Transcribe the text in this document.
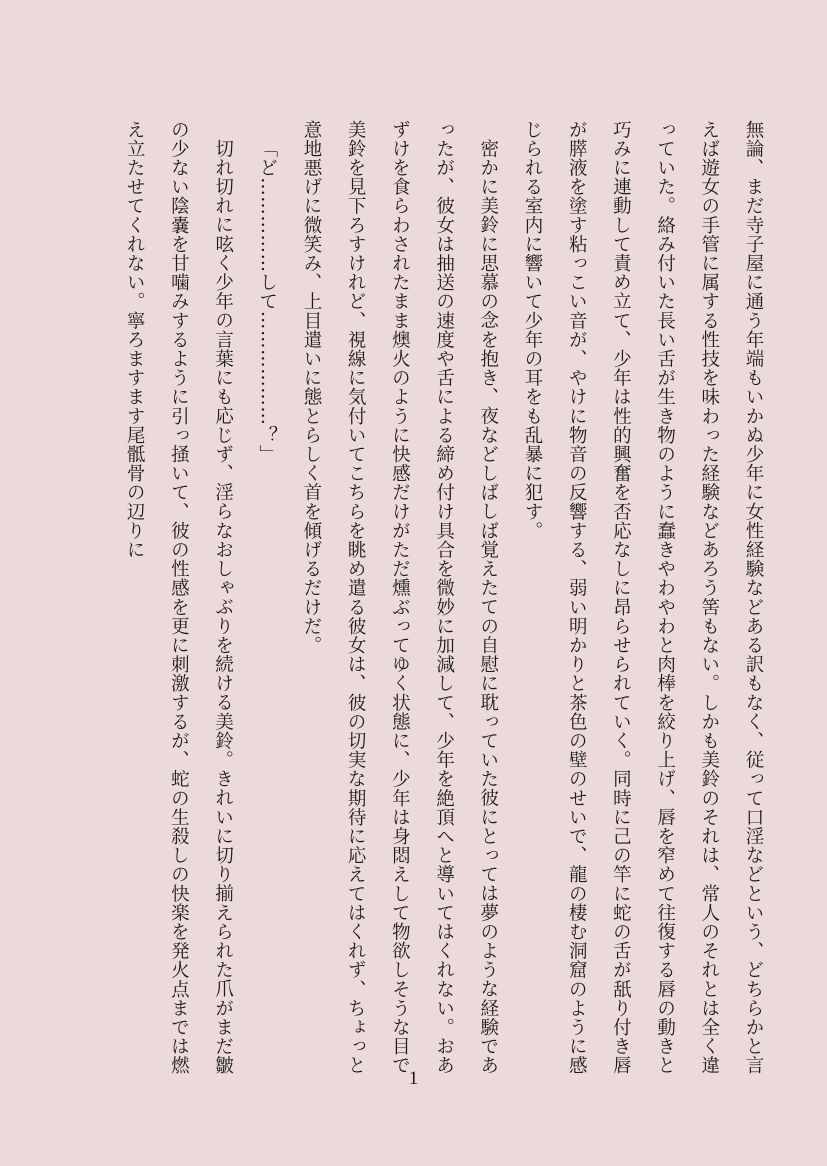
無論、まだ寺子屋に通う年端もいかぬ少年に女性経験などある訳もなく、従って口淫などという、どちらかと言えば遊女の手管に属する性技を味わった経験などあろう筈もない。しかも美鈴のそれは、常人のそれとは全く違っていた。絡み付いた長い舌が生き物のように蠢きやわやわと肉棒を絞り上げ、唇を窄めて往復する唇の動きと巧みに連動して責め立て、少年は性的興奮を否応なしに昂らせられていく。同時に己の竿に蛇の舌が舐り付き唇が膵液を塗す粘っこい音が、やけに物音の反響する、弱い明かりと茶色の壁のせいで、龍の棲む洞窟のように感じられる室内に響いて少年の耳をも乱暴に犯す。

密かに美鈴に思慕の念を抱き、夜などしばしば覚えたての自慰に耽っていた彼にとっては夢のような経験であったが、彼女は抽送の速度や舌による締め付け具合を微妙に加減して、少年を絶頂へと導いてはくれない。おあずけを食らわされたまま燠火のように快感だけがただ燻ぶってゆく状態に、少年は身悶えして物欲しそうな目で美鈴を見下ろすけれど、視線に気付いてこちらを眺め遣る彼女は、彼の切実な期待に応えてはくれず、ちょっと意地悪げに微笑み、上目遣いに態とらしく首を傾げるだけだ。

「ど……………して………………？」

切れ切れに呟く少年の言葉にも応じず、淫らなおしゃぶりを続ける美鈴。きれいに切り揃えられた爪がまだ皺の少ない陰嚢を甘噛みするように引っ掻いて、彼の性感を更に刺激するが、蛇の生殺しの快楽を発火点までは燃え立たせてくれない。寧ろますます尾骶骨の辺りに

1
